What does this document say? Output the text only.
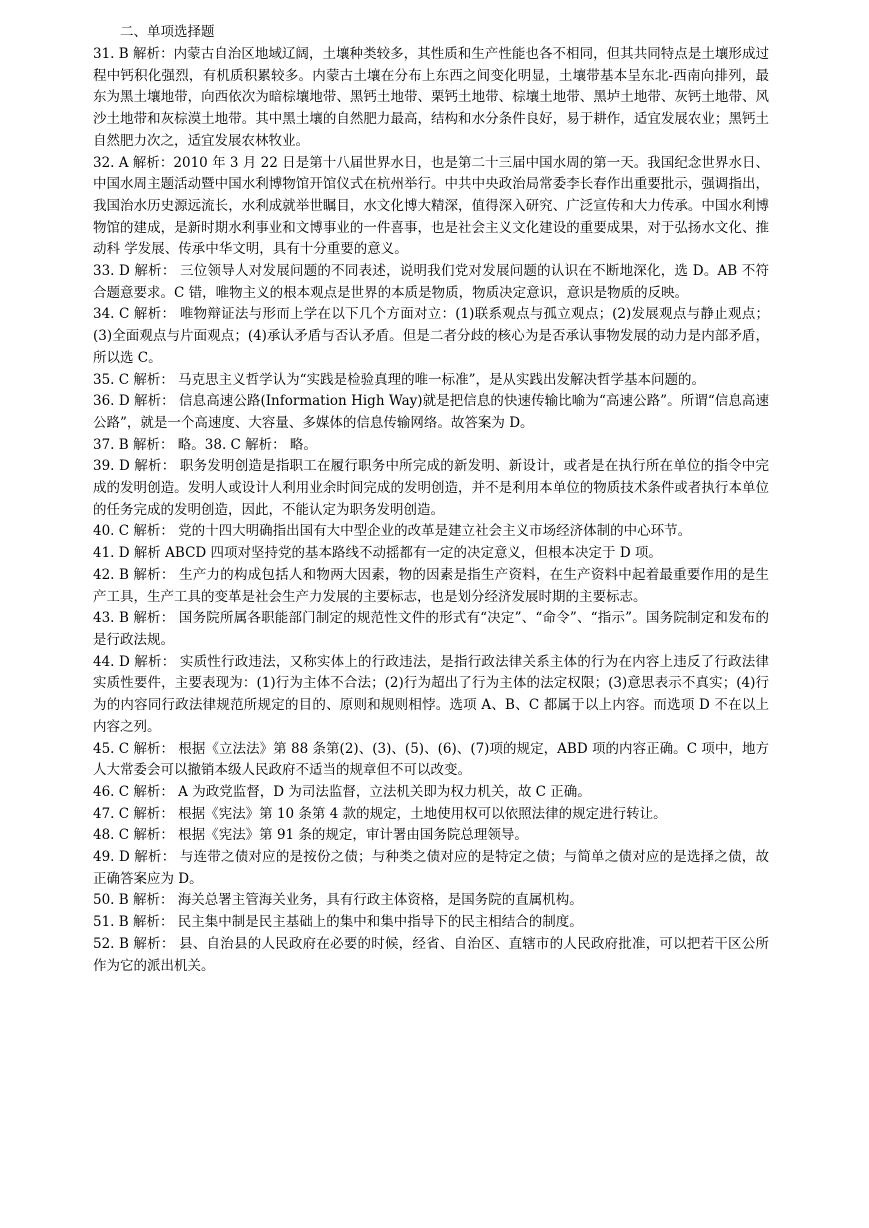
二、单项选择题

31. B 解析：内蒙古自治区地域辽阔，土壤种类较多，其性质和生产性能也各不相同，但其共同特点是土壤形成过程中钙积化强烈，有机质积累较多。内蒙古土壤在分布上东西之间变化明显，土壤带基本呈东北-西南向排列，最东为黑土壤地带，向西依次为暗棕壤地带、黑钙土地带、栗钙土地带、棕壤土地带、黑垆土地带、灰钙土地带、风沙土地带和灰棕漠土地带。其中黑土壤的自然肥力最高，结构和水分条件良好，易于耕作，适宜发展农业；黑钙土自然肥力次之，适宜发展农林牧业。

32. A 解析：2010 年 3 月 22 日是第十八届世界水日，也是第二十三届中国水周的第一天。我国纪念世界水日、中国水周主题活动暨中国水利博物馆开馆仪式在杭州举行。中共中央政治局常委李长春作出重要批示，强调指出，我国治水历史源远流长，水利成就举世瞩目，水文化博大精深，值得深入研究、广泛宣传和大力传承。中国水利博物馆的建成，是新时期水利事业和文博事业的一件喜事，也是社会主义文化建设的重要成果，对于弘扬水文化、推动科 学发展、传承中华文明，具有十分重要的意义。

33. D 解析： 三位领导人对发展问题的不同表述，说明我们党对发展问题的认识在不断地深化，选 D。AB 不符合题意要求。C 错，唯物主义的根本观点是世界的本质是物质，物质决定意识，意识是物质的反映。

34. C 解析： 唯物辩证法与形而上学在以下几个方面对立：(1)联系观点与孤立观点；(2)发展观点与静止观点；(3)全面观点与片面观点；(4)承认矛盾与否认矛盾。但是二者分歧的核心为是否承认事物发展的动力是内部矛盾，所以选 C。

35. C 解析： 马克思主义哲学认为“实践是检验真理的唯一标准”，是从实践出发解决哲学基本问题的。

36. D 解析： 信息高速公路(Information High Way)就是把信息的快速传输比喻为“高速公路”。所谓“信息高速公路”，就是一个高速度、大容量、多媒体的信息传输网络。故答案为 D。

37. B 解析： 略。38. C 解析： 略。

39. D 解析： 职务发明创造是指职工在履行职务中所完成的新发明、新设计，或者是在执行所在单位的指令中完成的发明创造。发明人或设计人利用业余时间完成的发明创造，并不是利用本单位的物质技术条件或者执行本单位的任务完成的发明创造，因此，不能认定为职务发明创造。

40. C 解析： 党的十四大明确指出国有大中型企业的改革是建立社会主义市场经济体制的中心环节。

41. D 解析 ABCD 四项对坚持党的基本路线不动摇都有一定的决定意义，但根本决定于 D 项。

42. B 解析： 生产力的构成包括人和物两大因素，物的因素是指生产资料，在生产资料中起着最重要作用的是生产工具，生产工具的变革是社会生产力发展的主要标志，也是划分经济发展时期的主要标志。

43. B 解析： 国务院所属各职能部门制定的规范性文件的形式有“决定”、“命令”、“指示”。国务院制定和发布的是行政法规。

44. D 解析： 实质性行政违法，又称实体上的行政违法，是指行政法律关系主体的行为在内容上违反了行政法律实质性要件，主要表现为：(1)行为主体不合法；(2)行为超出了行为主体的法定权限；(3)意思表示不真实；(4)行为的内容同行政法律规范所规定的目的、原则和规则相悖。选项 A、B、C 都属于以上内容。而选项 D 不在以上内容之列。

45. C 解析： 根据《立法法》第 88 条第(2)、(3)、(5)、(6)、(7)项的规定，ABD 项的内容正确。C 项中，地方人大常委会可以撤销本级人民政府不适当的规章但不可以改变。

46. C 解析： A 为政党监督，D 为司法监督，立法机关即为权力机关，故 C 正确。

47. C 解析： 根据《宪法》第 10 条第 4 款的规定，土地使用权可以依照法律的规定进行转让。

48. C 解析： 根据《宪法》第 91 条的规定，审计署由国务院总理领导。

49. D 解析： 与连带之债对应的是按份之债；与种类之债对应的是特定之债；与简单之债对应的是选择之债，故正确答案应为 D。

50. B 解析： 海关总署主管海关业务，具有行政主体资格，是国务院的直属机构。

51. B 解析： 民主集中制是民主基础上的集中和集中指导下的民主相结合的制度。

52. B 解析： 县、自治县的人民政府在必要的时候，经省、自治区、直辖市的人民政府批准，可以把若干区公所作为它的派出机关。
